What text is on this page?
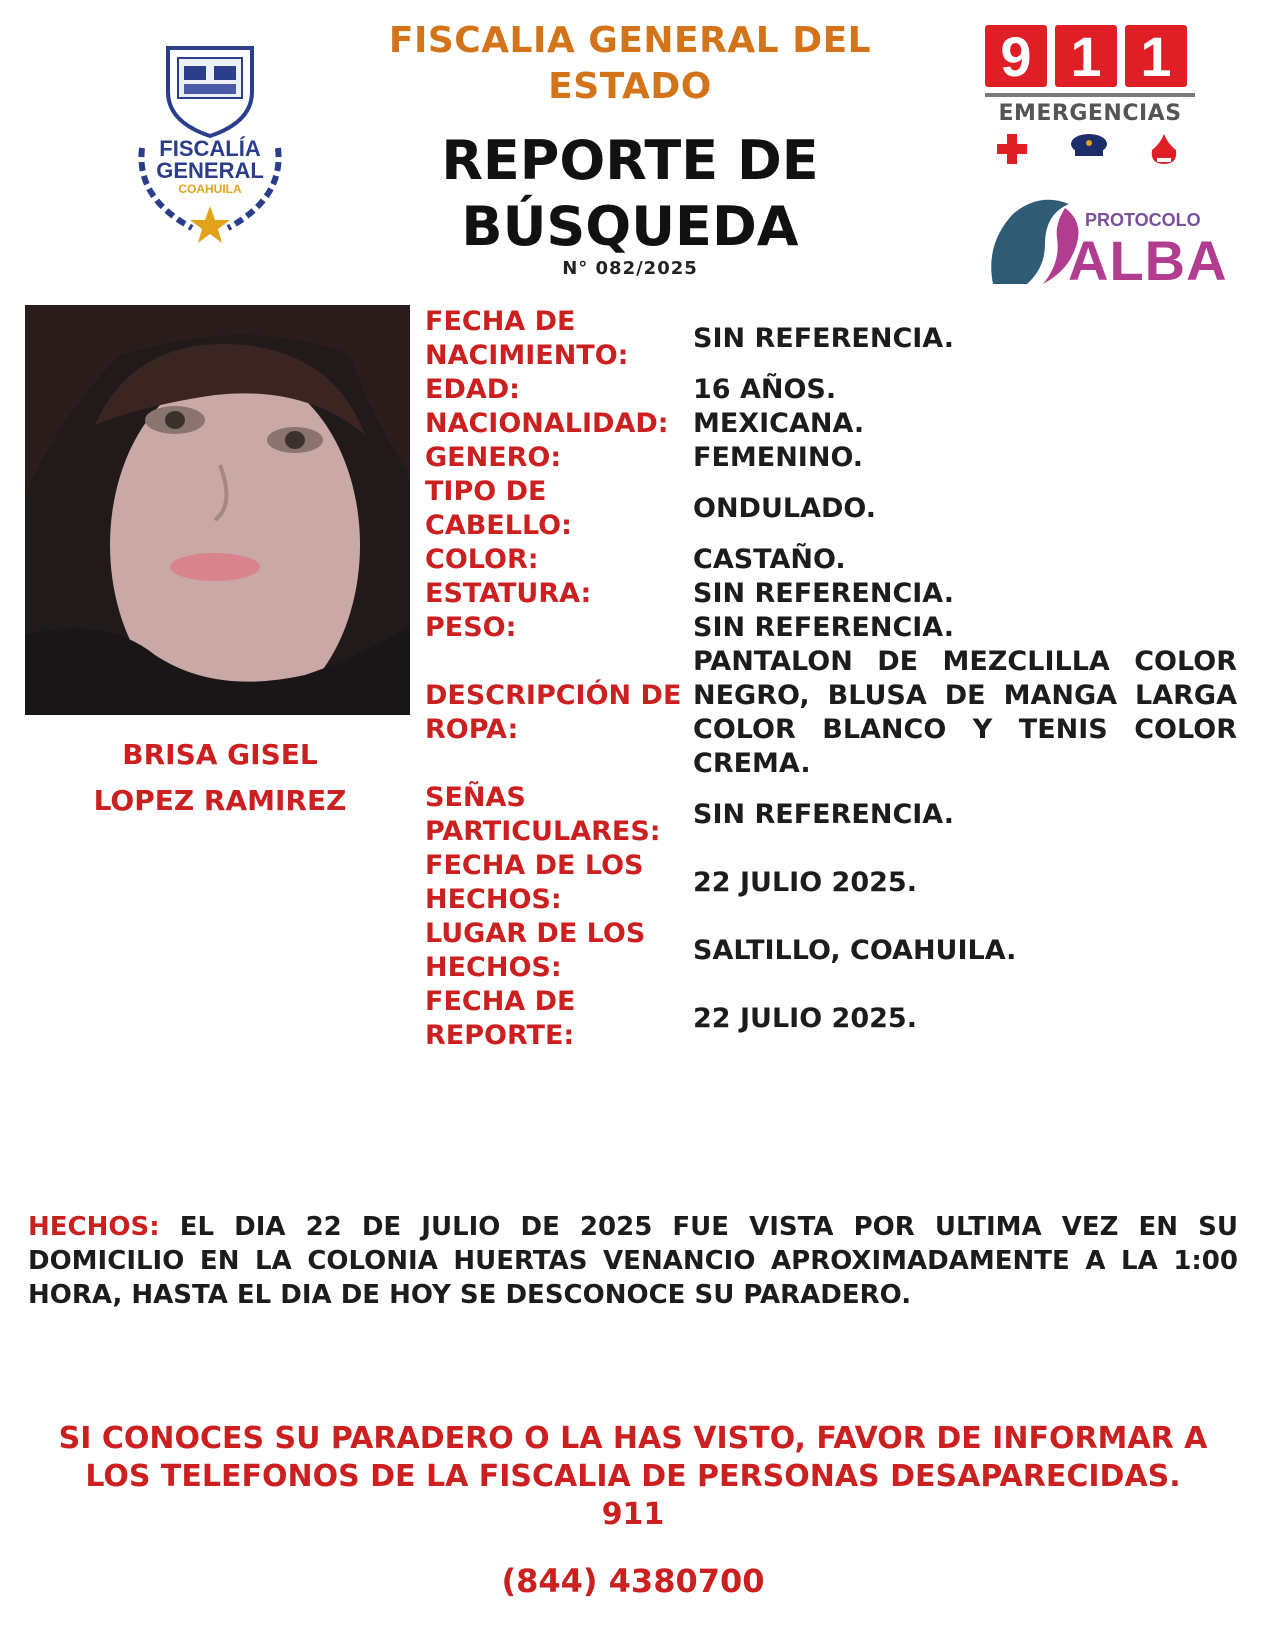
FISCALIA GENERAL DEL
ESTADO
REPORTE DE
BÚSQUEDA
N° 082/2025
FISCALÍA
GENERAL
COAHUILA
9 1 1
EMERGENCIAS
PROTOCOLO
ALBA
BRISA GISEL
LOPEZ RAMIREZ
FECHA DE
NACIMIENTO:
SIN REFERENCIA.
EDAD:	16 AÑOS.
NACIONALIDAD: MEXICANA.
GENERO:	FEMENINO.
TIPO DE
CABELLO:
ONDULADO.
COLOR:	CASTAÑO.
ESTATURA:	SIN REFERENCIA.
PESO:	SIN REFERENCIA.
DESCRIPCIÓN DE
ROPA:
PANTALON DE MEZCLILLA COLOR NEGRO, BLUSA DE MANGA LARGA COLOR BLANCO Y TENIS COLOR CREMA.
SEÑAS
PARTICULARES:
SIN REFERENCIA.
FECHA DE LOS
HECHOS:
22 JULIO 2025.
LUGAR DE LOS
HECHOS:
SALTILLO, COAHUILA.
FECHA DE
REPORTE:
22 JULIO 2025.
HECHOS: EL DIA 22 DE JULIO DE 2025 FUE VISTA POR ULTIMA VEZ EN SU DOMICILIO EN LA COLONIA HUERTAS VENANCIO APROXIMADAMENTE A LA 1:00 HORA, HASTA EL DIA DE HOY SE DESCONOCE SU PARADERO.
SI CONOCES SU PARADERO O LA HAS VISTO, FAVOR DE INFORMAR A
LOS TELEFONOS DE LA FISCALIA DE PERSONAS DESAPARECIDAS.
911
(844) 4380700
